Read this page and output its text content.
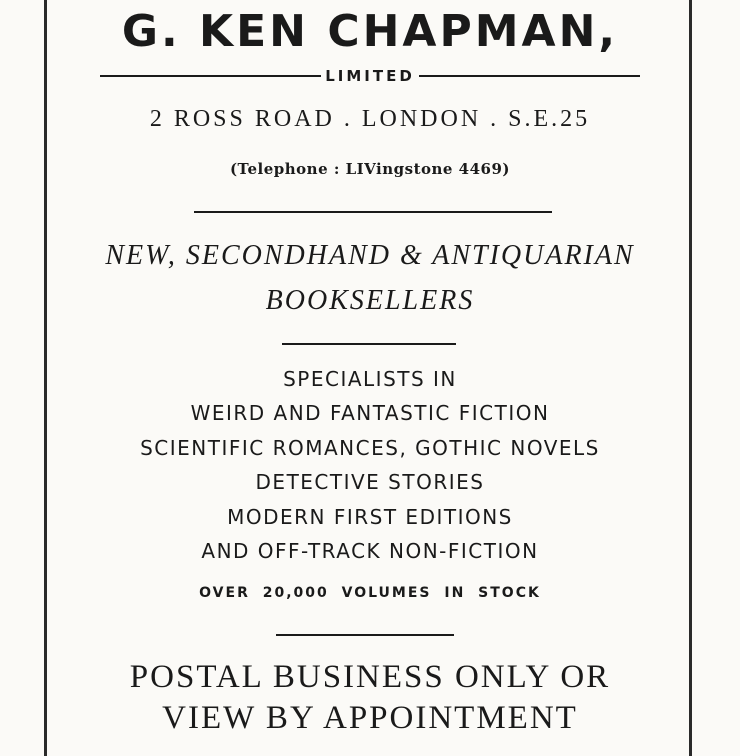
G. KEN CHAPMAN,
LIMITED
2 ROSS ROAD . LONDON . S.E.25
(Telephone : LIVingstone 4469)
NEW, SECONDHAND & ANTIQUARIAN
BOOKSELLERS
SPECIALISTS IN
WEIRD AND FANTASTIC FICTION
SCIENTIFIC ROMANCES, GOTHIC NOVELS
DETECTIVE STORIES
MODERN FIRST EDITIONS
AND OFF-TRACK NON-FICTION
OVER 20,000 VOLUMES IN STOCK
POSTAL BUSINESS ONLY OR
VIEW BY APPOINTMENT
